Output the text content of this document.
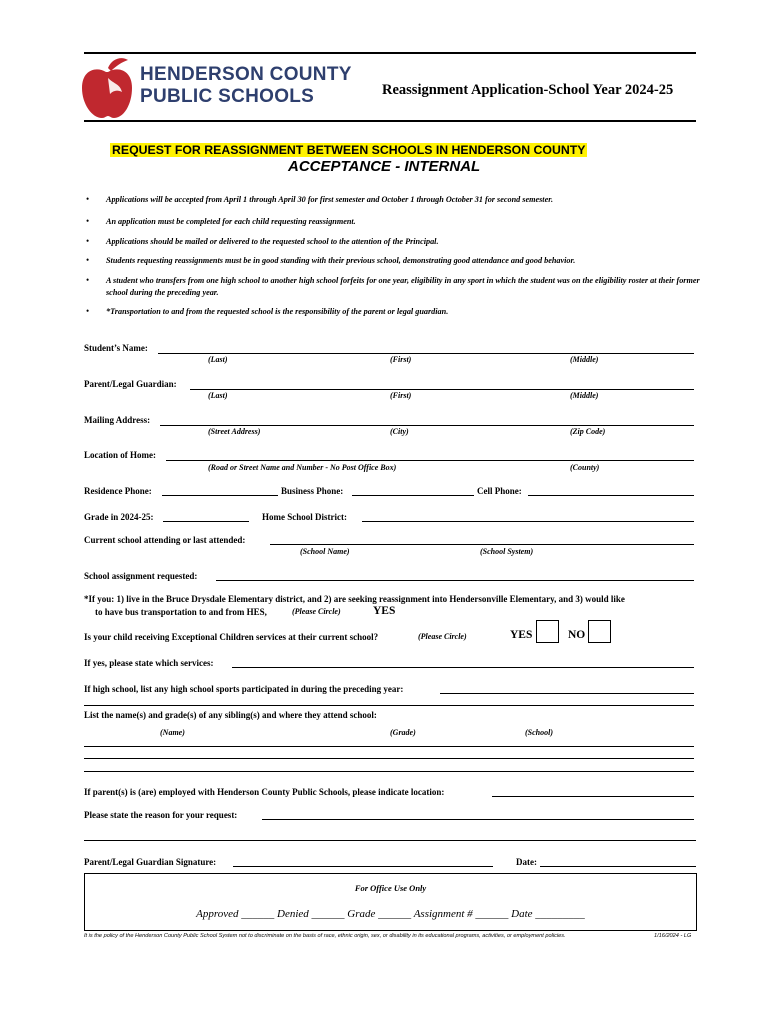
HENDERSON COUNTY
PUBLIC SCHOOLS	Reassignment Application-School Year 2024-25
REQUEST FOR REASSIGNMENT BETWEEN SCHOOLS IN HENDERSON COUNTY
ACCEPTANCE - INTERNAL
• Applications will be accepted from April 1 through April 30 for first semester and October 1 through October 31 for second semester.
• An application must be completed for each child requesting reassignment.
• Applications should be mailed or delivered to the requested school to the attention of the Principal.
• Students requesting reassignments must be in good standing with their previous school, demonstrating good attendance and good behavior.
• A student who transfers from one high school to another high school forfeits for one year, eligibility in any sport in which the student was on the eligibility roster at their former school during the preceding year.
• *Transportation to and from the requested school is the responsibility of the parent or legal guardian.
Student’s Name:
(Last)	(First)	(Middle)
Parent/Legal Guardian:
(Last)	(First)	(Middle)
Mailing Address:
(Street Address)	(City)	(Zip Code)
Location of Home:
(Road or Street Name and Number - No Post Office Box)	(County)
Residence Phone:	Business Phone:	Cell Phone:
Grade in 2024-25:	Home School District:
Current school attending or last attended:
(School Name)	(School System)
School assignment requested:
*If you: 1) live in the Bruce Drysdale Elementary district, and 2) are seeking reassignment into Hendersonville Elementary, and 3) would like
to have bus transportation to and from HES,	(Please Circle)	YES
Is your child receiving Exceptional Children services at their current school?	(Please Circle)	YES	NO
If yes, please state which services:
If high school, list any high school sports participated in during the preceding year:
List the name(s) and grade(s) of any sibling(s) and where they attend school:
(Name)	(Grade)	(School)
If parent(s) is (are) employed with Henderson County Public Schools, please indicate location:
Please state the reason for your request:
Parent/Legal Guardian Signature:	Date:
For Office Use Only
Approved ______ Denied ______ Grade ______ Assignment # ______ Date _________
It is the policy of the Henderson County Public School System not to discriminate on the basis of race, ethnic origin, sex, or disability in its educational programs, activities, or employment policies.	1/16/2024 - LG
